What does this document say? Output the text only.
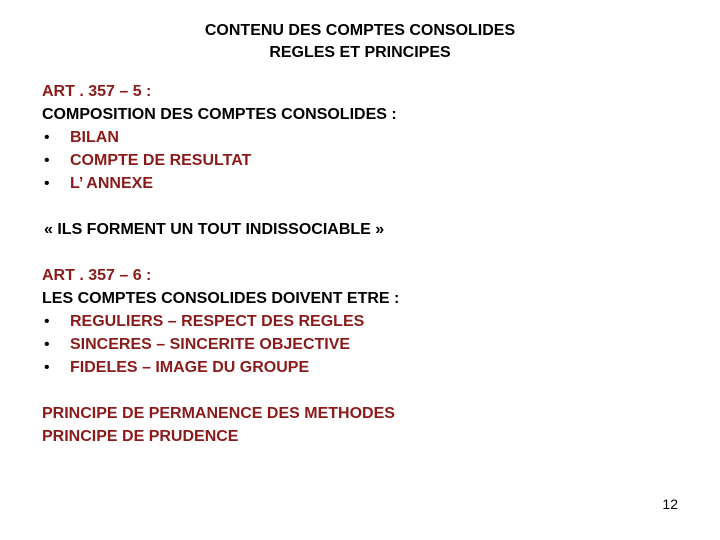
CONTENU DES COMPTES CONSOLIDES
REGLES ET PRINCIPES
ART . 357 – 5 :
COMPOSITION DES COMPTES CONSOLIDES :
•	BILAN
•	COMPTE DE RESULTAT
•	L’ ANNEXE
« ILS FORMENT UN TOUT INDISSOCIABLE »
ART . 357 – 6 :
LES COMPTES CONSOLIDES DOIVENT ETRE :
•	REGULIERS – RESPECT DES REGLES
•	SINCERES – SINCERITE OBJECTIVE
•	FIDELES – IMAGE DU GROUPE
PRINCIPE DE PERMANENCE DES METHODES
PRINCIPE DE PRUDENCE
12
